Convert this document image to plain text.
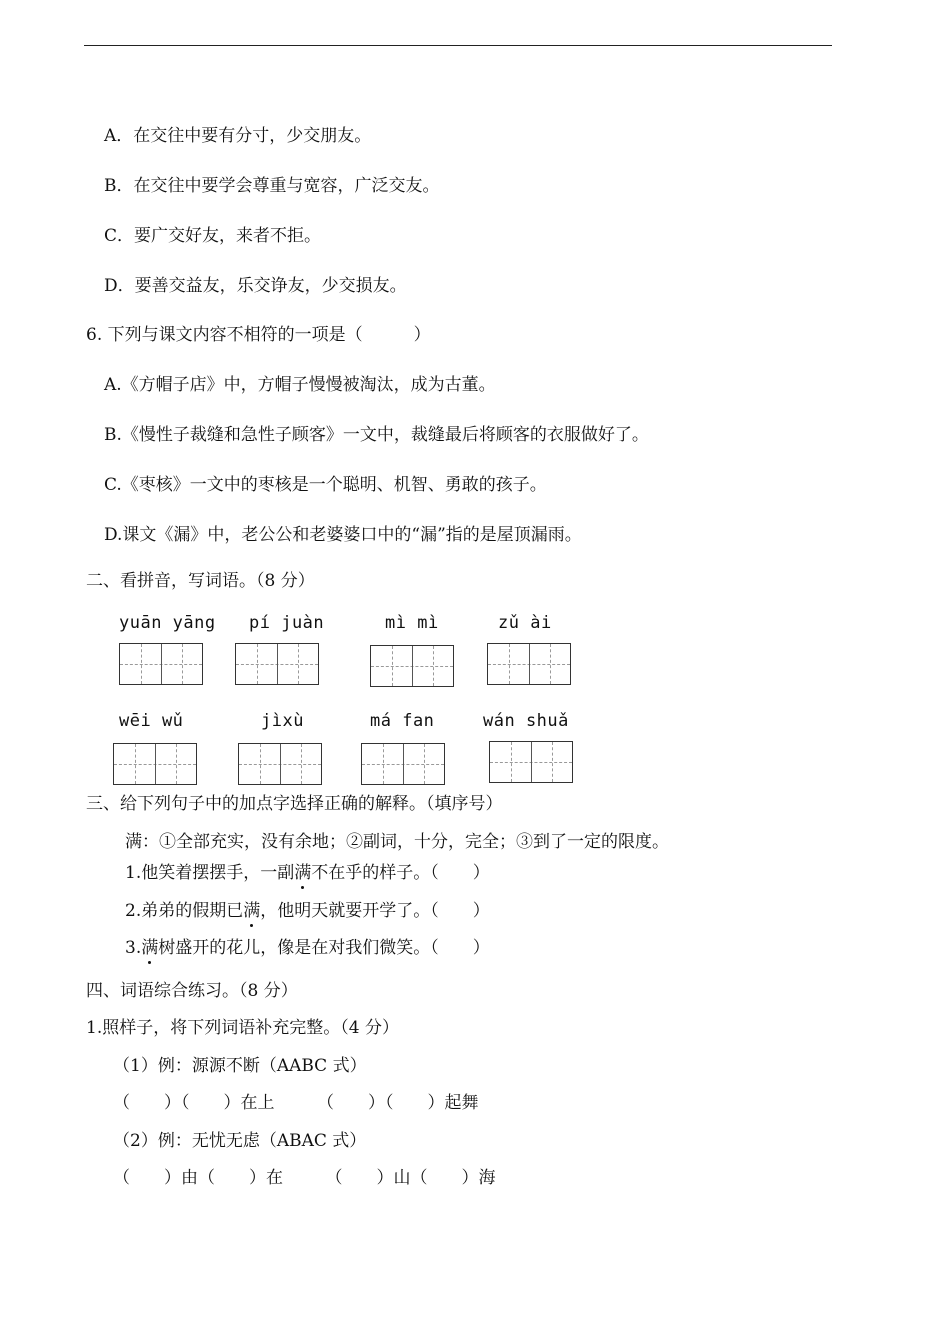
A．在交往中要有分寸，少交朋友。
B．在交往中要学会尊重与宽容，广泛交友。
C．要广交好友，来者不拒。
D．要善交益友，乐交诤友，少交损友。
6. 下列与课文内容不相符的一项是（　　　）
A.《方帽子店》中，方帽子慢慢被淘汰，成为古董。
B.《慢性子裁缝和急性子顾客》一文中，裁缝最后将顾客的衣服做好了。
C.《枣核》一文中的枣核是一个聪明、机智、勇敢的孩子。
D.课文《漏》中，老公公和老婆婆口中的“漏”指的是屋顶漏雨。
二、看拼音，写词语。（8 分）
yuān yāng pí juàn	mì mì	zǔ ài
wēi wǔ	jìxù	má fan	wán shuǎ
三、给下列句子中的加点字选择正确的解释。（填序号）
满：①全部充实，没有余地；②副词，十分，完全；③到了一定的限度。
1.他笑着摆摆手，一副满不在乎的样子。（　　）
2.弟弟的假期已满，他明天就要开学了。（　　）
3.满树盛开的花儿，像是在对我们微笑。（　　）
四、词语综合练习。（8 分）
1.照样子，将下列词语补充完整。（4 分）
（1）例：源源不断（AABC 式）
（　　）（　　）在上　　　（　　）（　　）起舞
（2）例：无忧无虑（ABAC 式）
（　　）由（　　）在　　　（　　）山（　　）海
